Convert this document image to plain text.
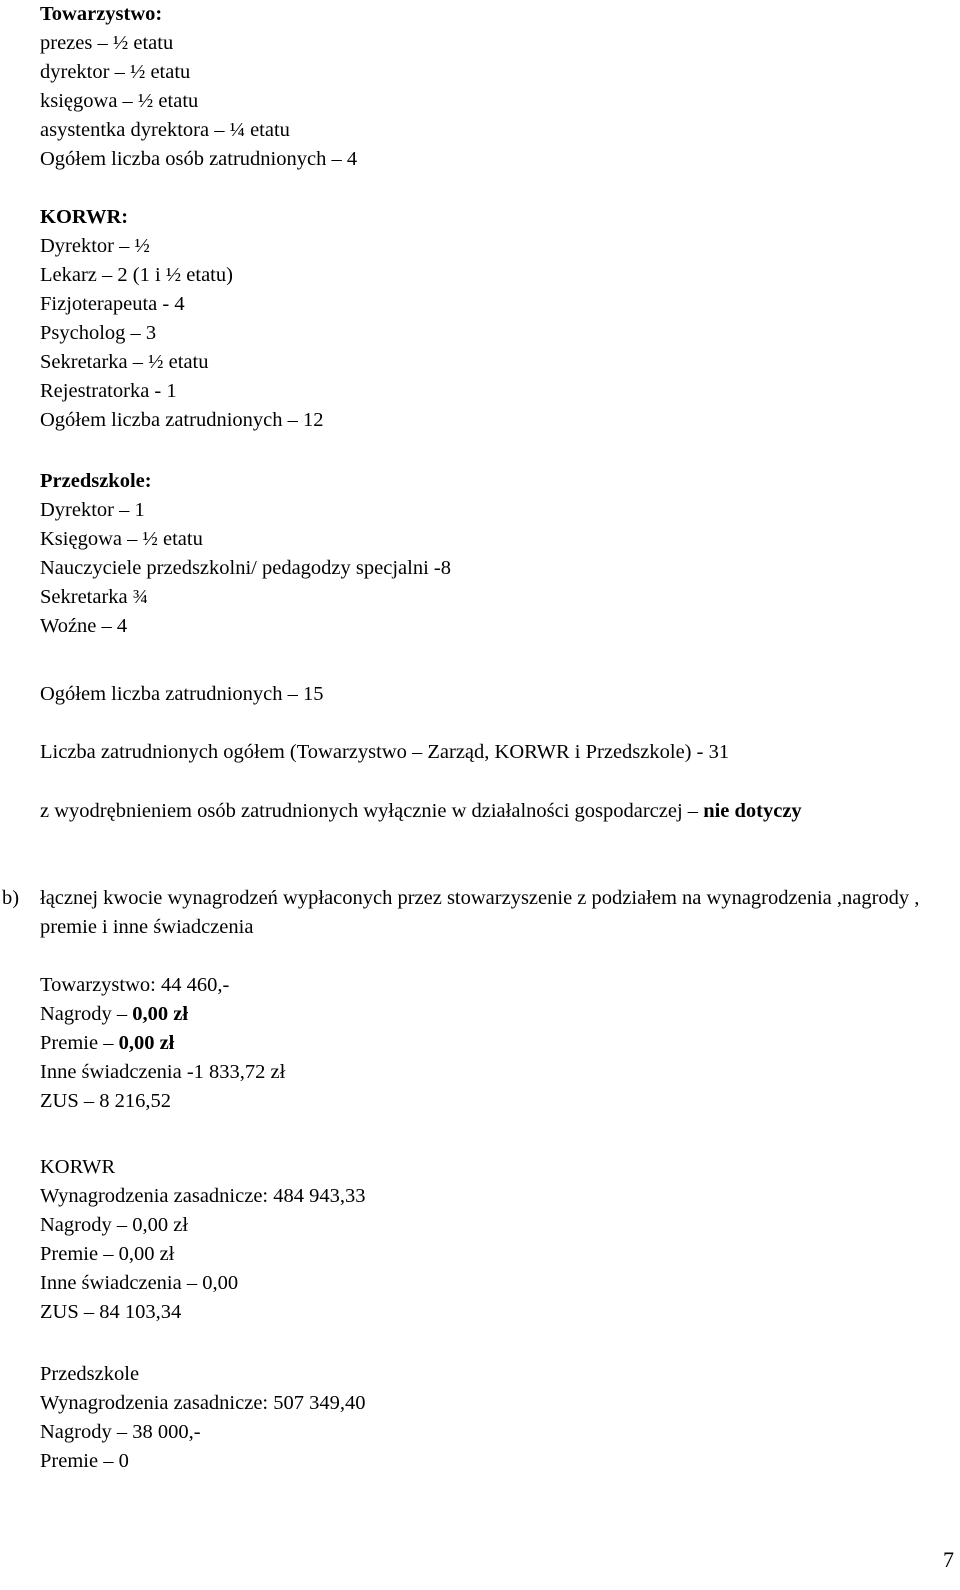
Towarzystwo:
prezes – ½ etatu
dyrektor – ½ etatu
księgowa – ½ etatu
asystentka dyrektora – ¼ etatu
Ogółem liczba osób zatrudnionych – 4
KORWR:
Dyrektor – ½
Lekarz – 2 (1 i ½ etatu)
Fizjoterapeuta - 4
Psycholog – 3
Sekretarka – ½ etatu
Rejestratorka - 1
Ogółem liczba zatrudnionych – 12
Przedszkole:
Dyrektor – 1
Księgowa – ½ etatu
Nauczyciele przedszkolni/ pedagodzy specjalni -8
Sekretarka ¾
Woźne – 4
Ogółem liczba zatrudnionych – 15
Liczba zatrudnionych ogółem (Towarzystwo – Zarząd, KORWR i Przedszkole) - 31
z wyodrębnieniem osób zatrudnionych wyłącznie w działalności gospodarczej – nie dotyczy
b) łącznej kwocie wynagrodzeń wypłaconych przez stowarzyszenie z podziałem na wynagrodzenia ,nagrody , premie i inne świadczenia
Towarzystwo: 44 460,-
Nagrody – 0,00 zł
Premie – 0,00 zł
Inne świadczenia -1 833,72 zł
ZUS – 8 216,52
KORWR
Wynagrodzenia zasadnicze: 484 943,33
Nagrody – 0,00 zł
Premie – 0,00 zł
Inne świadczenia – 0,00
ZUS – 84 103,34
Przedszkole
Wynagrodzenia zasadnicze: 507 349,40
Nagrody – 38 000,-
Premie – 0
7
